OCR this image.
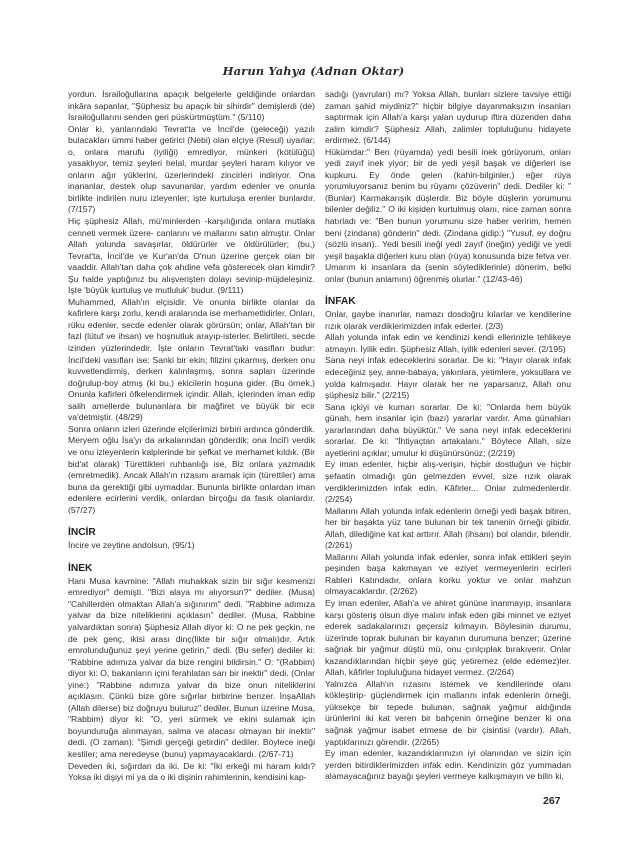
Harun Yahya (Adnan Oktar)

yordun. İsrailoğullarına apaçık belgelerle geldiğinde onlardan inkâra sapanlar, "Şüphesiz bu apaçık bir sihirdir" demişlerdi (de) İsrailoğullarını senden geri püskürtmüştüm." (5/110)

Onlar ki, yanlarındaki Tevrat'ta ve İncil'de (geleceği) yazılı bulacakları ümmi haber getirici (Nebi) olan elçiye (Resul) uyarlar; o, onlara marufu (iyiliği) emrediyor, münkeri (kötülüğü) yasaklıyor, temiz şeyleri helal, murdar şeyleri haram kılıyor ve onların ağır yüklerini, üzerlerindeki zincirleri indiriyor. Ona inananlar, destek olup savunanlar, yardım edenler ve onunla birlikte indirilen nuru izleyenler; işte kurtuluşa erenler bunlardır. (7/157)

Hiç şüphesiz Allah, mü'minlerden -karşılığında onlara mutlaka cenneti vermek üzere- canlarını ve mallarını satın almıştır. Onlar Allah yolunda savaşırlar, öldürürler ve öldürülürler; (bu,) Tevrat'ta, İncil'de ve Kur'an'da O'nun üzerine gerçek olan bir vaaddir. Allah'tan daha çok ahdine vefa gösterecek olan kimdir? Şu halde yaptığınız bu alışverişten dolayı sevinip-müjdeleşiniz. İşte 'büyük kurtuluş ve mutluluk' budur. (9/111)

Muhammed, Allah'ın elçisidir. Ve onunla birlikte olanlar da kafirlere karşı zorlu, kendi aralarında ise merhametlidirler. Onları, rüku edenler, secde edenler olarak görürsün; onlar, Allah'tan bir fazl (lütuf ve ihsan) ve hoşnutluk arayıp-isterler. Belirtileri, secde izinden yüzlerindedir. İşte onların Tevrat'taki vasıfları budur: İncil'deki vasıfları ise: Sanki bir ekin; filizini çıkarmış, derken onu kuvvetlendirmiş, derken kalınlaşmış, sonra sapları üzerinde doğrulup-boy atmış (ki bu,) ekicilerin hoşuna gider. (Bu örnek,) Onunla kafirleri öfkelendirmek içindir. Allah, içlerinden iman edip salih amellerde bulunanlara bir mağfiret ve büyük bir ecir va'detmiştir. (48/29)

Sonra onların izleri üzerinde elçilerimizi birbiri ardınca gönderdik. Meryem oğlu İsa'yı da arkalarından gönderdik; ona İncil'i verdik ve onu izleyenlerin kalplerinde bir şefkat ve merhamet kıldık. (Bir bid'at olarak) Türettikleri ruhbanlığı ise, Biz onlara yazmadık (emretmedik). Ancak Allah'ın rızasını aramak için (türettiler) ama buna da gerektiği gibi uymadılar. Bununla birlikte onlardan iman edenlere ecirlerini verdik, onlardan birçoğu da fasık olanlardır. (57/27)

İNCİR

İncire ve zeytine andolsun, (95/1)

İNEK

Hani Musa kavmine: "Allah muhakkak sizin bir sığır kesmenizi emrediyor" demişti. "Bizi alaya mı alıyorsun?" dediler. (Musa) "Cahillerden olmaktan Allah'a sığınırım" dedi. "Rabbine adımıza yalvar da bize niteliklerini açıklasın" dediler. (Musa, Rabbine yalvardıktan sonra) Şüphesiz Allah diyor ki: O ne pek geçkin, ne de pek genç, ikisi arası dinç(likte bir sığır olmalı)dır. Artık emrolunduğunuz şeyi yerine getirin," dedi. (Bu sefer) dediler ki: "Rabbine adımıza yalvar da bize rengini bildirsin." O: "(Rabbim) diyor ki: O, bakanların içini ferahlatan sarı bir inektir" dedi. (Onlar yine:) "Rabbine adımıza yalvar da bize onun niteliklerini açıklasın. Çünkü bize göre sığırlar birbirine benzer. İnşaAllah (Allah dilerse) biz doğruyu buluruz" dediler. Bunun üzerine Musa, "Rabbim) diyor ki: "O, yeri sürmek ve ekini sulamak için boyunduruğa alınmayan, salma ve alacası olmayan bir inektir" dedi. (O zaman): "Şimdi gerçeği getirdin" dediler. Böylece ineği kestiler; ama neredeyse (bunu) yapmayacaklardı. (2/67-71)

Deveden iki, sığırdan da iki. De ki: "İki erkeği mi haram kıldı? Yoksa iki dişiyi mi ya da o iki dişinin rahimlerinin, kendisini kap-

sadığı (yavruları) mı? Yoksa Allah, bunları sizlere tavsiye ettiği zaman şahid miydiniz?" hiçbir bilgiye dayanmaksızın insanları saptırmak için Allah'a karşı yalan uydurup iftira düzenden daha zalim kimdir? Şüphesiz Allah, zalimler topluluğunu hidayete erdirmez. (6/144)

Hükümdar:" Ben (rüyamda) yedi besili inek görüyorum, onları yedi zayıf inek yiyor; bir de yedi yeşil başak ve diğerleri ise kupkuru. Ey önde gelen (kahin-bilginler,) eğer rüya yorumluyorsanız benim bu rüyamı çözüverin" dedi. Dediler ki: "(Bunlar) Karmakarışık düşlerdir. Biz böyle düşlerin yorumunu bilenler değiliz." O iki kişiden kurtulmuş olanı, nice zaman sonra hatırladı ve: "Ben bunun yorumunu size haber veririm, hemen beni (zindana) gönderin" dedi. (Zindana gidip:) "Yusuf, ey doğru (sözlü insan).. Yedi besili ineği yedi zayıf (ineğin) yediği ve yedi yeşil başakla diğerleri kuru olan (rüya) konusunda bize fetva ver. Umarım ki insanlara da (senin söylediklerinle) dönerim, belki onlar (bunun anlamını) öğrenmiş olurlar." (12/43-46)

İNFAK

Onlar, gaybe inanırlar, namazı dosdoğru kılarlar ve kendilerine rızık olarak verdiklerimizden infak ederler. (2/3)

Allah yolunda infak edin ve kendinizi kendi ellerinizle tehlikeye atmayın. İyilik edin. Şüphesiz Allah, iyilik edenleri sever. (2/195)

Sana neyi infak edeceklerini sorarlar. De ki: "Hayır olarak infak edeceğiniz şey, anne-babaya, yakınlara, yetimlere, yoksullara ve yolda kalmışadır. Hayır olarak her ne yaparsanız, Allah onu şüphesiz bilir." (2/215)

Sana içkiyi ve kumarı sorarlar. De ki: "Onlarda hem büyük günah, hem insanlar için (bazı) yararlar vardır. Ama günahları yararlarından daha büyüktür." Ve sana neyi infak edeceklerini sorarlar. De ki: "İhtiyaçtan artakalanı." Böylece Allah, size ayetlerini açıklar; umulur ki düşünürsünüz; (2/219)

Ey iman edenler, hiçbir alış-verişin, hiçbir dostluğun ve hiçbir şefaatin olmadığı gün gelmezden evvel, size rızık olarak verdiklerimizden infak edin. Kâfirler... Onlar zulmedenlerdir. (2/254)

Mallarını Allah yolunda infak edenlerin örneği yedi başak bitiren, her bir başakta yüz tane bulunan bir tek tanenin örneği gibidir. Allah, dilediğine kat kat arttırır. Allah (ihsanı) bol olandır, bilendir. (2/261)

Mallarını Allah yolunda infak edenler, sonra infak ettikleri şeyin peşinden başa kakmayan ve eziyet vermeyenlerin ecirleri Rableri Katındadır, onlara korku yoktur ve onlar mahzun olmayacaklardır. (2/262)

Ey iman edenler, Allah'a ve ahiret gününe inanmayıp, insanlara karşı gösteriş olsun diye malını infak eden gibi minnet ve eziyet ederek sadakalarınızı geçersiz kılmayın. Böylesinin durumu, üzerinde toprak bulunan bir kayanın durumuna benzer; üzerine sağnak bir yağmur düştü mü, onu çırılçıplak bırakıverir. Onlar kazandıklarından hiçbir şeye güç yetiremez (elde edemez)ler. Allah, kâfirler topluluğuna hidayet vermez. (2/264)

Yalnızca Allah'ın rızasını istemek ve kendilerinde olanı kökleştirip- güçlendirmek için mallarını infak edenlerin örneği, yüksekçe bir tepede bulunan, sağnak yağmur aldığında ürünlerini iki kat veren bir bahçenin örneğine benzer ki ona sağnak yağmur isabet etmese de bir çisintisi (vardır). Allah, yaptıklarınızı görendir. (2/265)

Ey iman edenler, kazandıklarınızın iyi olanından ve sizin için yerden bitirdiklerimizden infak edin. Kendinizin göz yummadan alamayacağınız bayağı şeyleri vermeye kalkışmayın ve bilin ki,

267
